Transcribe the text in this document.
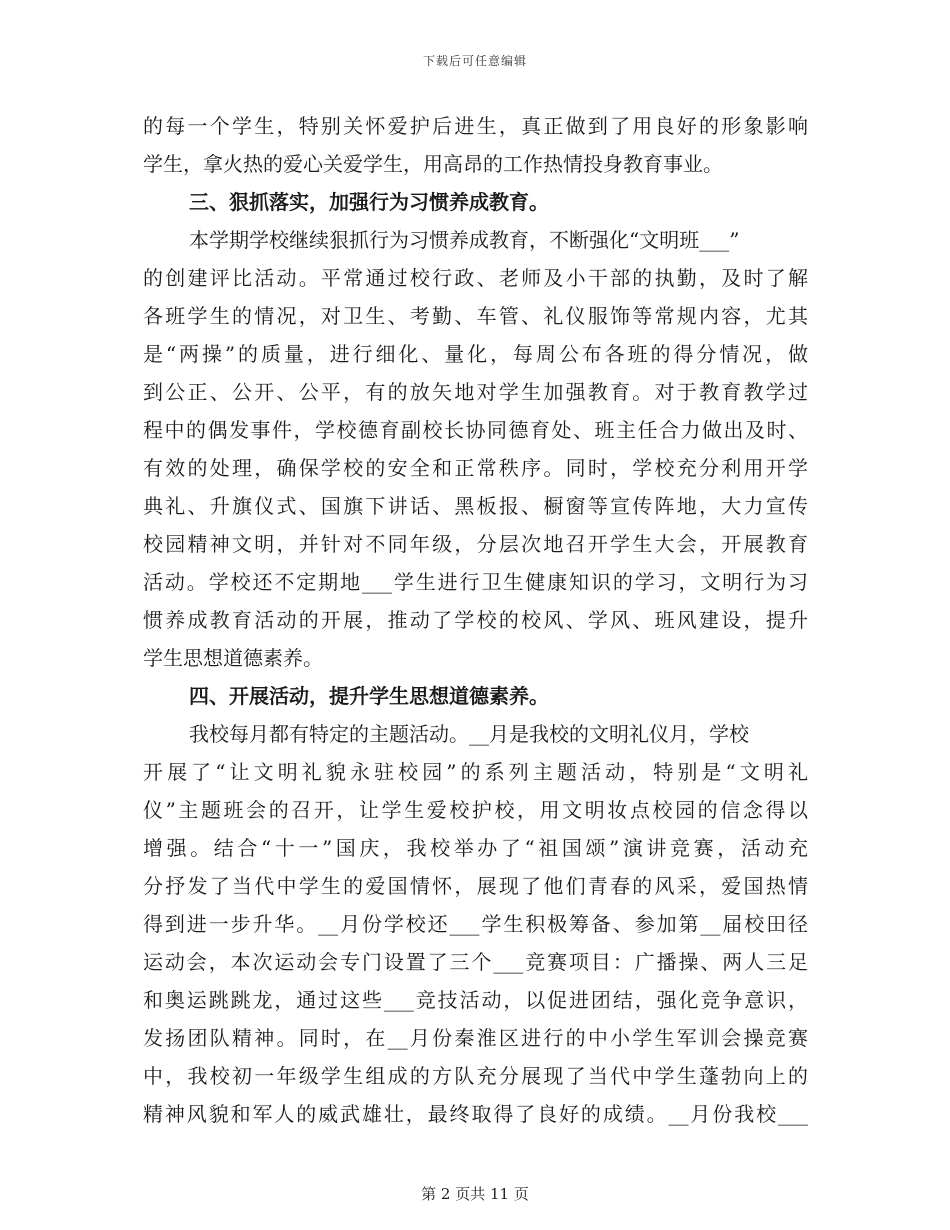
下载后可任意编辑
的每一个学生，特别关怀爱护后进生，真正做到了用良好的形象影响
学生，拿火热的爱心关爱学生，用高昂的工作热情投身教育事业。
三、狠抓落实，加强行为习惯养成教育。
本学期学校继续狠抓行为习惯养成教育，不断强化“文明班___”
的创建评比活动。平常通过校行政、老师及小干部的执勤，及时了解
各班学生的情况，对卫生、考勤、车管、礼仪服饰等常规内容，尤其
是“两操”的质量，进行细化、量化，每周公布各班的得分情况，做
到公正、公开、公平，有的放矢地对学生加强教育。对于教育教学过
程中的偶发事件，学校德育副校长协同德育处、班主任合力做出及时、
有效的处理，确保学校的安全和正常秩序。同时，学校充分利用开学
典礼、升旗仪式、国旗下讲话、黑板报、橱窗等宣传阵地，大力宣传
校园精神文明，并针对不同年级，分层次地召开学生大会，开展教育
活动。学校还不定期地___学生进行卫生健康知识的学习，文明行为习
惯养成教育活动的开展，推动了学校的校风、学风、班风建设，提升
学生思想道德素养。
四、开展活动，提升学生思想道德素养。
我校每月都有特定的主题活动。__月是我校的文明礼仪月，学校
开展了“让文明礼貌永驻校园”的系列主题活动，特别是“文明礼
仪”主题班会的召开，让学生爱校护校，用文明妆点校园的信念得以
增强。结合“十一”国庆，我校举办了“祖国颂”演讲竞赛，活动充
分抒发了当代中学生的爱国情怀，展现了他们青春的风采，爱国热情
得到进一步升华。__月份学校还___学生积极筹备、参加第__届校田径
运动会，本次运动会专门设置了三个___竞赛项目：广播操、两人三足
和奥运跳跳龙，通过这些___竞技活动，以促进团结，强化竞争意识，
发扬团队精神。同时，在__月份秦淮区进行的中小学生军训会操竞赛
中，我校初一年级学生组成的方队充分展现了当代中学生蓬勃向上的
精神风貌和军人的威武雄壮，最终取得了良好的成绩。__月份我校___
第 2 页共 11 页
